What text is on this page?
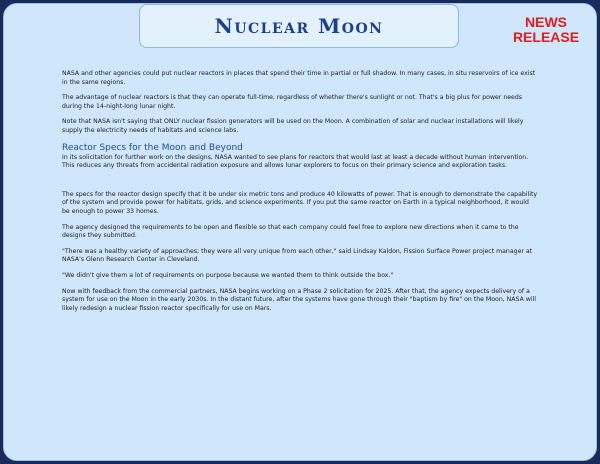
Nuclear Moon	NEWS
RELEASE

NASA and other agencies could put nuclear reactors in places that spend their time in partial or full shadow. In many cases, in situ reservoirs of ice exist in the same regions.

The advantage of nuclear reactors is that they can operate full-time, regardless of whether there's sunlight or not. That's a big plus for power needs during the 14-night-long lunar night.

Note that NASA isn't saying that ONLY nuclear fission generators will be used on the Moon. A combination of solar and nuclear installations will likely supply the electricity needs of habitats and science labs.

Reactor Specs for the Moon and Beyond

In its solicitation for further work on the designs, NASA wanted to see plans for reactors that would last at least a decade without human intervention. This reduces any threats from accidental radiation exposure and allows lunar explorers to focus on their primary science and exploration tasks.

The specs for the reactor design specify that it be under six metric tons and produce 40 kilowatts of power. That is enough to demonstrate the capability of the system and provide power for habitats, grids, and science experiments. If you put the same reactor on Earth in a typical neighborhood, it would be enough to power 33 homes.

The agency designed the requirements to be open and flexible so that each company could feel free to explore new directions when it came to the designs they submitted.

"There was a healthy variety of approaches; they were all very unique from each other," said Lindsay Kaldon, Fission Surface Power project manager at NASA's Glenn Research Center in Cleveland.

"We didn't give them a lot of requirements on purpose because we wanted them to think outside the box."

Now with feedback from the commercial partners, NASA begins working on a Phase 2 solicitation for 2025. After that, the agency expects delivery of a system for use on the Moon in the early 2030s. In the distant future, after the systems have gone through their "baptism by fire" on the Moon, NASA will likely redesign a nuclear fission reactor specifically for use on Mars.
